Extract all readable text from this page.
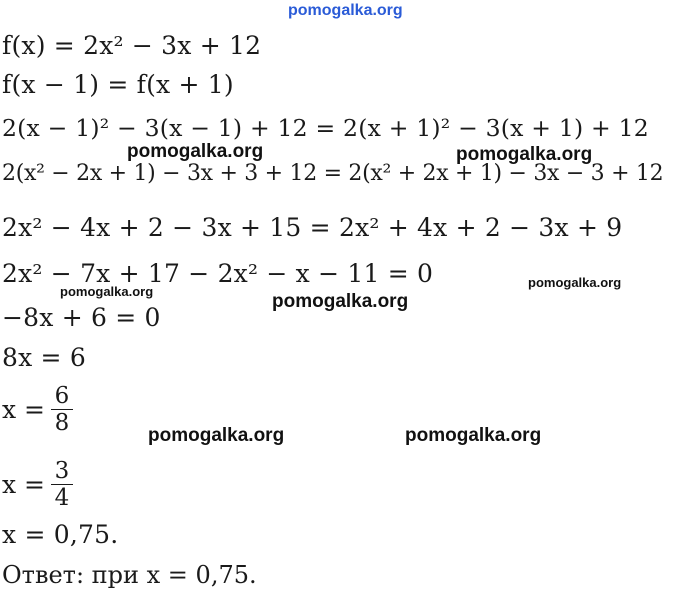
pomogalka.org
f(x) = 2x² − 3x + 12
f(x − 1) = f(x + 1)
2(x − 1)² − 3(x − 1) + 12 = 2(x + 1)² − 3(x + 1) + 12
2(x² − 2x + 1) − 3x + 3 + 12 = 2(x² + 2x + 1) − 3x − 3 + 12
2x² − 4x + 2 − 3x + 15 = 2x² + 4x + 2 − 3x + 9
2x² − 7x + 17 − 2x² − x − 11 = 0
−8x + 6 = 0
8x = 6
x = 6
8
x = 3
4
x = 0,75.
Ответ: при x = 0,75.
pomogalka.org	pomogalka.org
pomogalka.org	pomogalka.org
pomogalka.org
pomogalka.org	pomogalka.org
